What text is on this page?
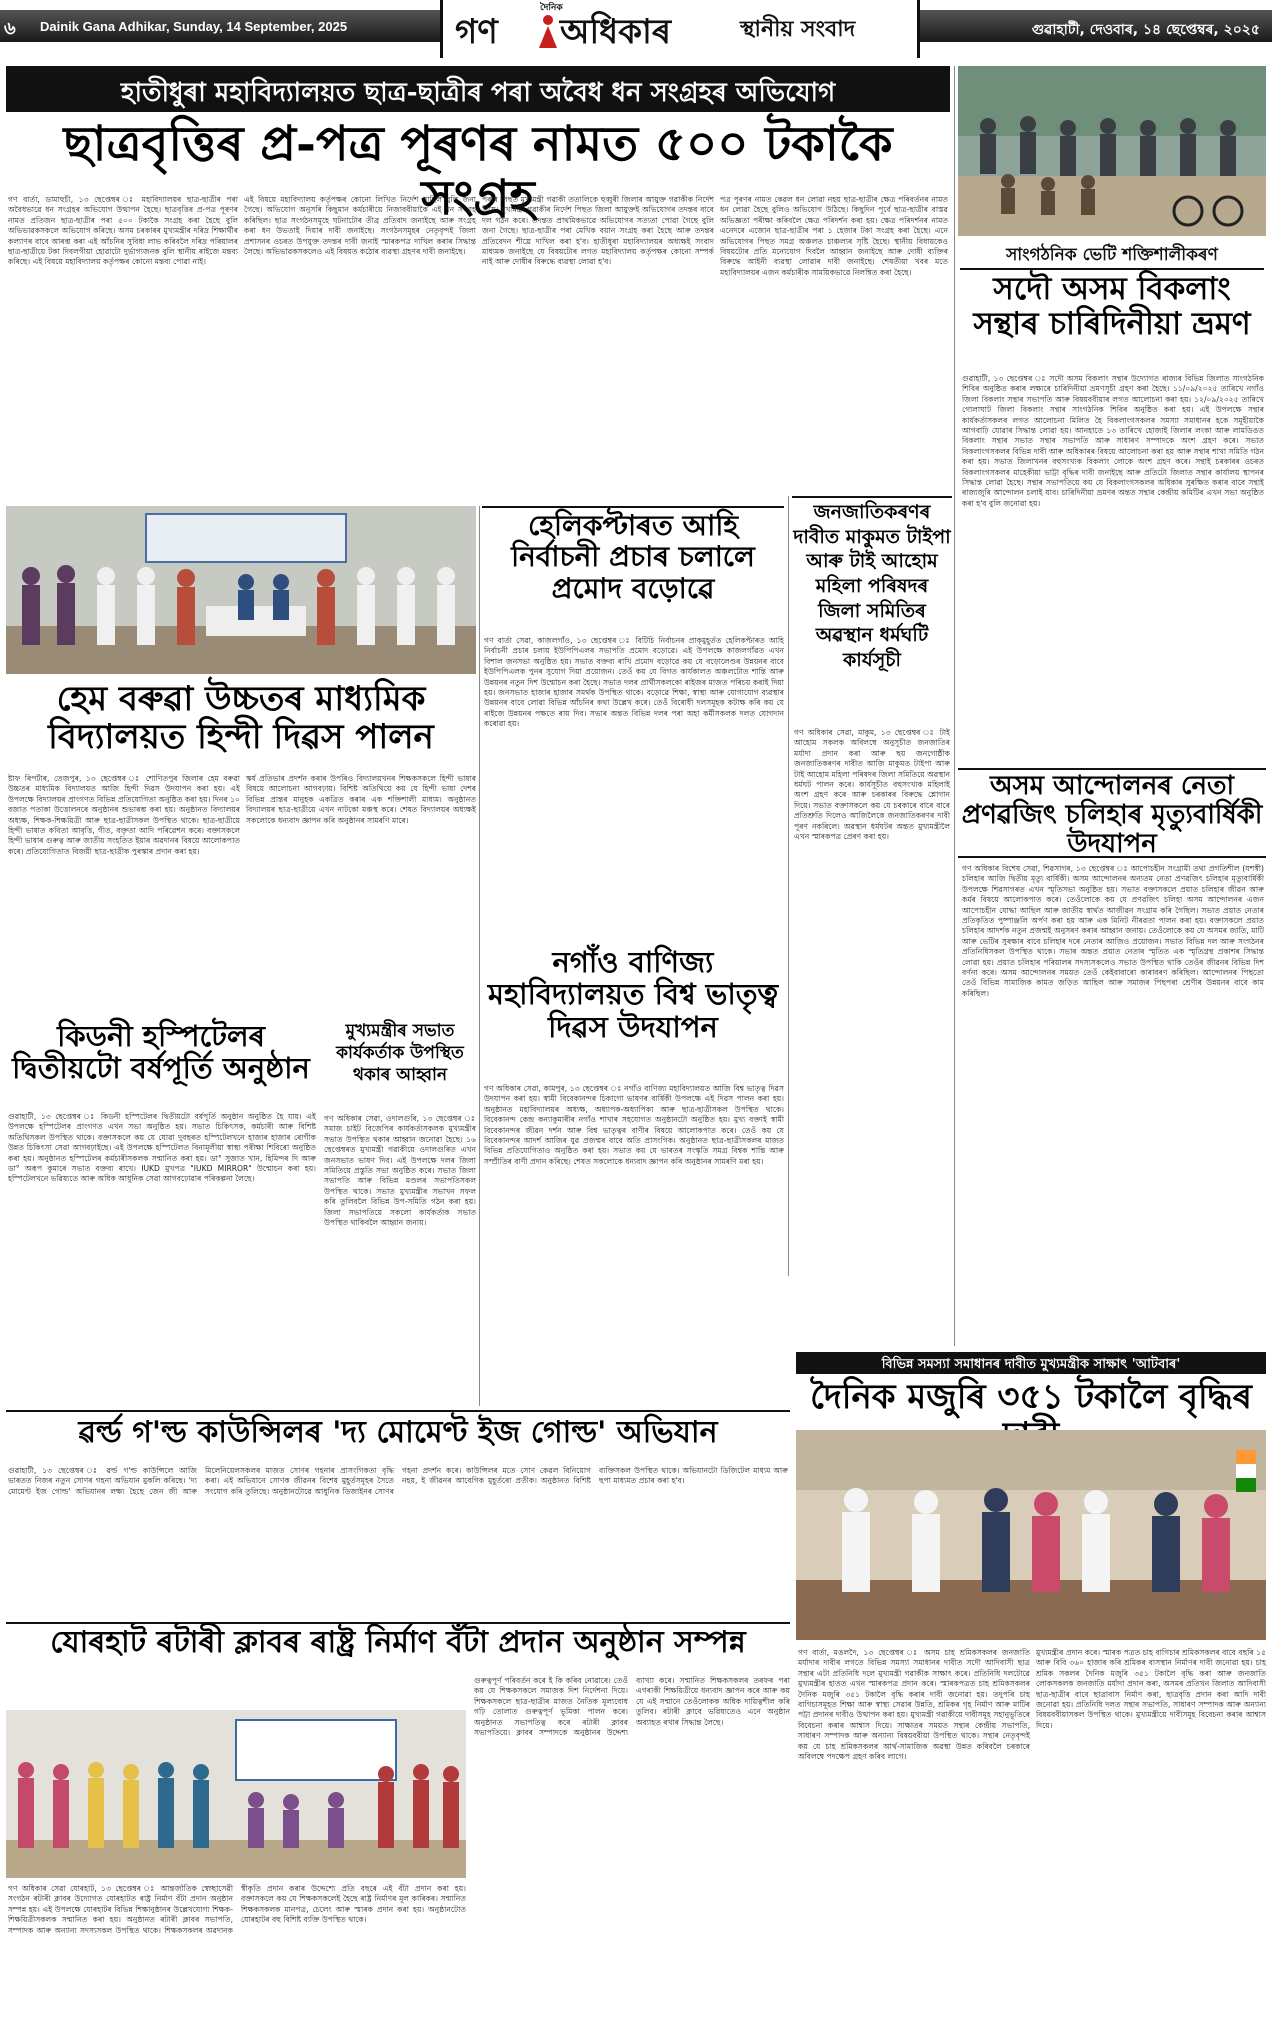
৬	Dainik Gana Adhikar, Sunday, 14 September, 2025
দৈনিক
গণ	অধিকাৰ	স্থানীয় সংবাদ	গুৱাহাটী, দেওবাৰ, ১৪ ছেপ্তেম্বৰ, ২০২৫
হাতীধুৰা মহাবিদ্যালয়ত ছাত্ৰ-ছাত্ৰীৰ পৰা অবৈধ ধন সংগ্ৰহৰ অভিযোগ
ছাত্ৰবৃত্তিৰ প্ৰ-পত্ৰ পূৰণৰ নামত ৫০০ টকাকৈ সংগ্ৰহ
গণ বাৰ্তা, ডামাহুচী, ১৩ ছেপ্তেম্বৰ ঃ মহাবিদ্যালয়ৰ ছাত্ৰ-ছাত্ৰীৰ পৰা অবৈধভাৱে ধন সংগ্ৰহৰ অভিযোগ উত্থাপন হৈছে। ছাত্ৰবৃত্তিৰ প্ৰ-পত্ৰ পূৰণৰ নামত প্ৰতিজন ছাত্ৰ-ছাত্ৰীৰ পৰা ৫০০ টকাকৈ সংগ্ৰহ কৰা হৈছে বুলি অভিভাৱকসকলে অভিযোগ কৰিছে। অসম চৰকাৰৰ মুখ্যমন্ত্ৰীৰ দৰিদ্ৰ শিক্ষাৰ্থীৰ কল্যাণৰ বাবে আৰম্ভ কৰা এই আঁচনিৰ সুবিধা লাভ কৰিবলৈ দৰিদ্ৰ পৰিয়ালৰ ছাত্ৰ-ছাত্ৰীয়ে টকা দিবলগীয়া হোৱাটো দুৰ্ভাগ্যজনক বুলি স্থানীয় ৰাইজে মন্তব্য কৰিছে। এই বিষয়ে মহাবিদ্যালয় কৰ্তৃপক্ষৰ কোনো মন্তব্য পোৱা নাই।
এই বিষয়ে মহাবিদ্যালয় কৰ্তৃপক্ষৰ কোনো লিখিত নিৰ্দেশ নাছিল বুলি জনা গৈছে। অভিযোগ অনুসৰি কিছুমান কৰ্মচাৰীয়ে নিজাববীয়াকৈ এই ধন সংগ্ৰহ কৰিছিল। ছাত্ৰ সংগঠনসমূহে ঘটনাটোৰ তীব্ৰ প্ৰতিবাদ জনাইছে আৰু সংগ্ৰহ কৰা ধন উভতাই দিয়াৰ দাবী জনাইছে। সংগঠনসমূহৰ নেতৃবৃন্দই জিলা প্ৰশাসনৰ ওচৰত উপযুক্ত তদন্তৰ দাবী জনাই স্মাৰকপত্ৰ দাখিল কৰাৰ সিদ্ধান্ত লৈছে। অভিভাৱকসকলেও এই বিষয়ত কঠোৰ ব্যৱস্থা গ্ৰহণৰ দাবী জনাইছে।
পৰাৰ পিছত মুখ্যমন্ত্ৰী গৱাকী ততালিকে হুব্বুৰী জিলাৰ আয়ুক্ত গৱাকীক নিৰ্দেশ দিয়ে। মুখ্যমন্ত্ৰী গৱাকীৰ নিৰ্দেশ পিছত জিলা আয়ুক্তই অভিযোগৰ তদন্তৰ বাবে দল গঠন কৰে। তদন্তত প্ৰাথমিকভাৱে অভিযোগৰ সত্যতা পোৱা গৈছে বুলি জনা গৈছে। ছাত্ৰ-ছাত্ৰীৰ পৰা মেখিক বয়ান সংগ্ৰহ কৰা হৈছে আৰু তদন্তৰ প্ৰতিবেদন শীঘ্ৰে দাখিল কৰা হ'ব। হাতীধুৰা মহাবিদ্যালয়ৰ অধ্যক্ষই সংবাদ মাধ্যমক জনাইছে যে বিষয়টোৰ লগত মহাবিদ্যালয় কৰ্তৃপক্ষৰ কোনো সম্পৰ্ক নাই আৰু দোষীৰ বিৰুদ্ধে ব্যৱস্থা লোৱা হ'ব।
পত্ৰ পূৰণৰ নামত কেৱল ধন লোৱা নহয় ছাত্ৰ-ছাত্ৰীৰ ক্ষেত্ৰ পৰিবৰ্তনৰ নামত ধন লোৱা হৈছে বুলিও অভিযোগ উঠিছে। কিছুদিন পূৰ্বে ছাত্ৰ-ছাত্ৰীৰ বাস্তৱ অভিজ্ঞতা পৰীক্ষা কৰিবলৈ ক্ষেত্ৰ পৰিদৰ্শন কৰা হয়। ক্ষেত্ৰ পৰিদৰ্শনৰ নামত এনেদৰে এজোন ছাত্ৰ-ছাত্ৰীৰ পৰা ১ হেজাৰ টকা সংগ্ৰহ কৰা হৈছে। এনে অভিযোগৰ পিছত সমগ্ৰ অঞ্চলত চাঞ্চল্যৰ সৃষ্টি হৈছে। স্থানীয় বিধায়কেও বিষয়টোৰ প্ৰতি মনোযোগ দিবলৈ আহ্বান জনাইছে আৰু দোষী ব্যক্তিৰ বিৰুদ্ধে আইনী ব্যৱস্থা লোৱাৰ দাবী জনাইছে। শেষতীয়া খবৰ মতে মহাবিদ্যালয়ৰ এজন কৰ্মচাৰীক সাময়িকভাৱে নিলম্বিত কৰা হৈছে।
সাংগঠনিক ভেটি শক্তিশালীকৰণ
সদৌ অসম বিকলাং সন্থাৰ চাৰিদিনীয়া ভ্ৰমণ
গুৱাহাটী, ১৩ ছেপ্তেম্বৰ ঃ সদৌ অসম বিকলাং সন্থাৰ উদ্যোগত ৰাজ্যৰ বিভিন্ন জিলাত সাংগঠনিক শিবিৰ অনুষ্ঠিত কৰাৰ লক্ষ্যৰে চাৰিদিনীয়া ভ্ৰমণসূচী গ্ৰহণ কৰা হৈছে। ১১/০৯/২০২৫ তাৰিখে নগাঁও জিলা বিকলাং সন্থাৰ সভাপতি আৰু বিষয়ববীয়াৰ লগত আলোচনা কৰা হয়। ১২/০৯/২০২৫ তাৰিখে গোলাঘাট জিলা বিকলাং সন্থাৰ সাংগঠনিক শিবিৰ অনুষ্ঠিত কৰা হয়। এই উপলক্ষে সন্থাৰ কাৰ্যকৰ্তাসকলৰ লগত আলোচনা মিলিত হৈ বিকলাংগসকলৰ সমস্যা সমাধানৰ হকে সমূহীয়াকৈ আগবাঢ়ি যোৱাৰ সিদ্ধান্ত লোৱা হয়। আনহাতে ১৩ তাৰিখে হোজাই জিলাৰ লংকা আৰু লামডিঙত বিকলাং সন্থাৰ সভাত সন্থাৰ সভাপতি আৰু সাধাৰণ সম্পাদকে অংশ গ্ৰহণ কৰে। সভাত বিকলাংগসকলৰ বিভিন্ন দাবী আৰু অধিকাৰৰ বিষয়ে আলোচনা কৰা হয় আৰু সন্থাৰ শাখা সমিতি গঠন কৰা হয়। সভাত জিলাখনৰ বহুসংখ্যক বিকলাং লোকে অংশ গ্ৰহণ কৰে। সন্থাই চৰকাৰৰ ওচৰত বিকলাংগসকলৰ মাহেকীয়া ভাট্টা বৃদ্ধিৰ দাবী জনাইছে আৰু প্ৰতিটো জিলাত সন্থাৰ কাৰ্যালয় স্থাপনৰ সিদ্ধান্ত লোৱা হৈছে। সন্থাৰ সভাপতিয়ে কয় যে বিকলাংগসকলৰ অধিকাৰ সুৰক্ষিত কৰাৰ বাবে সন্থাই ৰাজ্যজুৰি আন্দোলন চলাই যাব। চাৰিদিনীয়া ভ্ৰমণৰ অন্তত সন্থাৰ কেন্দ্ৰীয় কমিটিৰ এখন সভা অনুষ্ঠিত কৰা হ'ব বুলি জনোৱা হয়।
হেম বৰুৱা উচ্চতৰ মাধ্যমিক বিদ্যালয়ত হিন্দী দিৱস পালন
ষ্টাফ ৰিপৰ্টাৰ, তেজপুৰ, ১৩ ছেপ্তেম্বৰ ঃ শোণিতপুৰ জিলাৰ হেম বৰুৱা উচ্চতৰ মাধ্যমিক বিদ্যালয়ত আজি হিন্দী দিৱস উদযাপন কৰা হয়। এই উপলক্ষে বিদ্যালয়ৰ প্ৰাংগণত বিভিন্ন প্ৰতিযোগিতা অনুষ্ঠিত কৰা হয়। দিনৰ ১০ বজাত পতাকা উত্তোলনৰে অনুষ্ঠানৰ শুভাৰম্ভ কৰা হয়। অনুষ্ঠানত বিদ্যালয়ৰ অধ্যক্ষ, শিক্ষক-শিক্ষয়িত্ৰী আৰু ছাত্ৰ-ছাত্ৰীসকল উপস্থিত থাকে। ছাত্ৰ-ছাত্ৰীয়ে হিন্দী ভাষাত কবিতা আবৃত্তি, গীত, বক্তৃতা আদি পৰিৱেশন কৰে। বক্তাসকলে হিন্দী ভাষাৰ গুৰুত্ব আৰু জাতীয় সংহতিত ইয়াৰ অৱদানৰ বিষয়ে আলোকপাত কৰে। প্ৰতিযোগিতাত বিজয়ী ছাত্ৰ-ছাত্ৰীক পুৰস্কাৰ প্ৰদান কৰা হয়।
স্কৰ্ষ প্ৰতিভাৰ প্ৰদৰ্শন কৰাৰ উপৰিও বিদ্যালয়খনৰ শিক্ষকসকলে হিন্দী ভাষাৰ বিষয়ে আলোচনা আগবঢ়ায়। বিশিষ্ট অতিথিয়ে কয় যে হিন্দী ভাষা দেশৰ বিভিন্ন প্ৰান্তৰ মানুহক একত্ৰিত কৰাৰ এক শক্তিশালী মাধ্যম। অনুষ্ঠানত বিদ্যালয়ৰ ছাত্ৰ-ছাত্ৰীয়ে এখন নাটকো মঞ্চস্থ কৰে। শেষত বিদ্যালয়ৰ অধ্যক্ষই সকলোকে ধন্যবাদ জ্ঞাপন কৰি অনুষ্ঠানৰ সামৰণি মাৰে।
হেলিকপ্টাৰত আহি নিৰ্বাচনী প্ৰচাৰ চলালে প্ৰমোদ বড়োৱে
গণ বাৰ্তা সেৱা, কাজলগাঁও, ১৩ ছেপ্তেম্বৰ ঃ বিটিচি নিৰ্বাচনৰ প্ৰাক্‌মুহূৰ্তত হেলিকপ্টাৰত আহি নিৰ্বাচনী প্ৰচাৰ চলায় ইউপিপিএলৰ সভাপতি প্ৰমোদ বড়োৱে। এই উপলক্ষে কাজলগাঁৱত এখন বিশাল জনসভা অনুষ্ঠিত হয়। সভাত বক্তব্য ৰাখি প্ৰমোদ বড়োৱে কয় যে বড়োলেণ্ডৰ উন্নয়নৰ বাবে ইউপিপিএলক পুনৰ সুযোগ দিয়া প্ৰয়োজন। তেওঁ কয় যে বিগত কাৰ্যকালত অঞ্চলটোত শান্তি আৰু উন্নয়নৰ নতুন দিশ উন্মোচন কৰা হৈছে। সভাত দলৰ প্ৰাৰ্থীসকলকো ৰাইজৰ মাজত পৰিচয় কৰাই দিয়া হয়। জনসভাত হাজাৰ হাজাৰ সমৰ্থক উপস্থিত থাকে। বড়োৱে শিক্ষা, স্বাস্থ্য আৰু যোগাযোগ ব্যৱস্থাৰ উন্নয়নৰ বাবে লোৱা বিভিন্ন আঁচনিৰ কথা উল্লেখ কৰে। তেওঁ বিৰোধী দলসমূহক কটাক্ষ কৰি কয় যে ৰাইজে উন্নয়নৰ পক্ষতে ৰায় দিব। সভাৰ অন্তত বিভিন্ন দলৰ পৰা অহা কৰ্মীসকলক দলত যোগদান কৰোৱা হয়।
জনজাতিকৰণৰ দাবীত মাকুমত টাইপা আৰু টাই আহোম মহিলা পৰিষদৰ জিলা সমিতিৰ অৱস্থান ধৰ্মঘটি কাৰ্যসূচী
গণ অধিকাৰ সেৱা, মাকুম, ১৩ ছেপ্তেম্বৰ ঃ টাই আহোম সকলক অবিলম্বে অনুসূচীত জনজাতিৰ মৰ্যাদা প্ৰদান কৰা আৰু ছয় জনগোষ্ঠীক জনজাতিকৰণৰ দাবীত আজি মাকুমত টাইপা আৰু টাই আহোম মহিলা পৰিষদৰ জিলা সমিতিয়ে অৱস্থান ধৰ্মঘট পালন কৰে। কাৰ্যসূচীত বহুসংখ্যক মহিলাই অংশ গ্ৰহণ কৰে আৰু চৰকাৰৰ বিৰুদ্ধে শ্লোগান দিয়ে। সভাত বক্তাসকলে কয় যে চৰকাৰে বাৰে বাৰে প্ৰতিশ্ৰুতি দিলেও আজিলৈকে জনজাতিকৰণৰ দাবী পূৰণ নকৰিলে। অৱস্থান ধৰ্মঘটৰ অন্তত মুখ্যমন্ত্ৰীলৈ এখন স্মাৰকপত্ৰ প্ৰেৰণ কৰা হয়।
অসম আন্দোলনৰ নেতা প্ৰণৱজিৎ চলিহাৰ মৃত্যুবাৰ্ষিকী উদযাপন
গণ অধিকাৰ বিশেষ সেৱা, শিৱসাগৰ, ১৩ ছেপ্তেম্বৰ ঃ আপোচহীন সংগ্ৰামী তথা প্ৰগতিশীল (যশস্বী) চলিহাৰ আজি দ্বিতীয় মৃত্যু বাৰ্ষিকী। অসম আন্দোলনৰ অন্যতম নেতা প্ৰণৱজিৎ চলিহাৰ মৃত্যুবাৰ্ষিকী উপলক্ষে শিৱসাগৰত এখন স্মৃতিসভা অনুষ্ঠিত হয়। সভাত বক্তাসকলে প্ৰয়াত চলিহাৰ জীৱন আৰু কৰ্মৰ বিষয়ে আলোকপাত কৰে। তেওঁলোকে কয় যে প্ৰণৱজিৎ চলিহা অসম আন্দোলনৰ এজন আপোচহীন যোদ্ধা আছিল আৰু জাতীয় স্বাৰ্থত আজীৱন সংগ্ৰাম কৰি গৈছিল। সভাত প্ৰয়াত নেতাৰ প্ৰতিকৃতিত পুষ্পাঞ্জলি অৰ্পণ কৰা হয় আৰু এক মিনিট নীৰৱতা পালন কৰা হয়। বক্তাসকলে প্ৰয়াত চলিহাৰ আদৰ্শক নতুন প্ৰজন্মই অনুসৰণ কৰাৰ আহ্বান জনায়। তেওঁলোকে কয় যে অসমৰ জাতি, মাটি আৰু ভেটিৰ সুৰক্ষাৰ বাবে চলিহাৰ দৰে নেতাৰ আজিও প্ৰয়োজন। সভাত বিভিন্ন দল আৰু সংগঠনৰ প্ৰতিনিধিসকল উপস্থিত থাকে। সভাৰ অন্তত প্ৰয়াত নেতাৰ স্মৃতিত এক স্মৃতিগ্ৰন্থ প্ৰকাশৰ সিদ্ধান্ত লোৱা হয়। প্ৰয়াত চলিহাৰ পৰিয়ালৰ সদস্যসকলেও সভাত উপস্থিত থাকি তেওঁৰ জীৱনৰ বিভিন্ন দিশ বৰ্ণনা কৰে। অসম আন্দোলনৰ সময়ত তেওঁ কেইবাবাৰো কাৰাবৰণ কৰিছিল। আন্দোলনৰ পিছতো তেওঁ বিভিন্ন সামাজিক কামত জড়িত আছিল আৰু সমাজৰ পিছপৰা শ্ৰেণীৰ উন্নয়নৰ বাবে কাম কৰিছিল।
কিডনী হস্পিটেলৰ দ্বিতীয়টো বৰ্ষপূৰ্তি অনুষ্ঠান
গুৱাহাটী, ১৩ ছেপ্তেম্বৰ ঃ কিডনী হস্পিটেলৰ দ্বিতীয়টো বৰ্ষপূৰ্তি অনুষ্ঠান অনুষ্ঠিত হৈ যায়। এই উপলক্ষে হস্পিটেলৰ প্ৰাংগণত এখন সভা অনুষ্ঠিত হয়। সভাত চিকিৎসক, কৰ্মচাৰী আৰু বিশিষ্ট অতিথিসকল উপস্থিত থাকে। বক্তাসকলে কয় যে যোৱা দুবছৰত হস্পিটেলখনে হাজাৰ হাজাৰ ৰোগীক উন্নত চিকিৎসা সেৱা আগবঢ়াইছে। এই উপলক্ষে হস্পিটেলত বিনামূলীয়া স্বাস্থ্য পৰীক্ষা শিবিৰো অনুষ্ঠিত কৰা হয়। অনুষ্ঠানত হস্পিটেলৰ কৰ্মচাৰীসকলক সন্মানিত কৰা হয়। ডা° সুজাত খান, হিমিন্দৰ দি আৰু ডা° অৰূপ কুমাৰে সভাত বক্তব্য ৰাখে। IUKD মুখপত্ৰ "IUKD MIRROR" উন্মোচন কৰা হয়। হস্পিটেলখনে ভৱিষ্যতে আৰু অধিক আধুনিক সেৱা আগবঢ়োৱাৰ পৰিকল্পনা লৈছে।
মুখ্যমন্ত্ৰীৰ সভাত কাৰ্যকৰ্তাক উপস্থিত থকাৰ আহ্বান
গণ অধিকাৰ সেৱা, ওদালগুৰি, ১৩ ছেপ্তেম্বৰ ঃ সমাজ চাইট বিজেপিৰ কাৰ্যকৰ্তাসকলক মুখ্যমন্ত্ৰীৰ সভাত উপস্থিত থকাৰ আহ্বান জনোৱা হৈছে। ১৬ ছেপ্তেম্বৰত মুখ্যমন্ত্ৰী গৱাকীয়ে ওদালগুৰিত এখন জনসভাত ভাষণ দিব। এই উপলক্ষে দলৰ জিলা সমিতিয়ে প্ৰস্তুতি সভা অনুষ্ঠিত কৰে। সভাত জিলা সভাপতি আৰু বিভিন্ন মণ্ডলৰ সভাপতিসকল উপস্থিত থাকে। সভাত মুখ্যমন্ত্ৰীৰ সভাখন সফল কৰি তুলিবলৈ বিভিন্ন উপ-সমিতি গঠন কৰা হয়। জিলা সভাপতিয়ে সকলো কাৰ্যকৰ্তাক সভাত উপস্থিত থাকিবলৈ আহ্বান জনায়।
নগাঁও বাণিজ্য মহাবিদ্যালয়ত বিশ্ব ভাতৃত্ব দিৱস উদযাপন
গণ অধিকাৰ সেৱা, কামপুৰ, ১৩ ছেপ্তেম্বৰ ঃ নগাঁও বাণিজ্য মহাবিদ্যালয়ত আজি বিশ্ব ভাতৃত্ব দিৱস উদযাপন কৰা হয়। স্বামী বিবেকানন্দৰ চিকাগো ভাষণৰ বাৰ্ষিকী উপলক্ষে এই দিৱস পালন কৰা হয়। অনুষ্ঠানত মহাবিদ্যালয়ৰ অধ্যক্ষ, অধ্যাপক-অধ্যাপিকা আৰু ছাত্ৰ-ছাত্ৰীসকল উপস্থিত থাকে। বিবেকানন্দ কেন্দ্ৰ কন্যাকুমাৰীৰ নগাঁও শাখাৰ সহযোগত অনুষ্ঠানটো অনুষ্ঠিত হয়। মুখ্য বক্তাই স্বামী বিবেকানন্দৰ জীৱন দৰ্শন আৰু বিশ্ব ভাতৃত্বৰ বাণীৰ বিষয়ে আলোকপাত কৰে। তেওঁ কয় যে বিবেকানন্দৰ আদৰ্শ আজিৰ যুৱ প্ৰজন্মৰ বাবে অতি প্ৰাসংগিক। অনুষ্ঠানত ছাত্ৰ-ছাত্ৰীসকলৰ মাজত বিভিন্ন প্ৰতিযোগিতাও অনুষ্ঠিত কৰা হয়। সভাত কয় যে ভাৰতৰ সংস্কৃতি সমগ্ৰ বিশ্বক শান্তি আৰু সম্প্ৰীতিৰ বাণী প্ৰদান কৰিছে। শেষত সকলোকে ধন্যবাদ জ্ঞাপন কৰি অনুষ্ঠানৰ সামৰণি মৰা হয়।
বিভিন্ন সমস্যা সমাধানৰ দাবীত মুখ্যমন্ত্ৰীক সাক্ষাৎ 'আটবাৰ'
দৈনিক মজুৰি ৩৫১ টকালৈ বৃদ্ধিৰ
গণ বাৰ্তা, মঙলদৈ, ১৩ ছেপ্তেম্বৰ ঃ অসম চাহ শ্ৰমিকসকলৰ জনজাতি মৰ্যাদাৰ দাবীৰ লগতে বিভিন্ন সমস্যা সমাধানৰ দাবীত সদৌ আদিবাসী ছাত্ৰ সন্থাৰ এটা প্ৰতিনিধি দলে মুখ্যমন্ত্ৰী গৱাকীক সাক্ষাৎ কৰে। প্ৰতিনিধি দলটোৱে মুখ্যমন্ত্ৰীৰ হাতত এখন স্মাৰকপত্ৰ প্ৰদান কৰে। স্মাৰকপত্ৰত চাহ শ্ৰমিকসকলৰ দৈনিক মজুৰি ৩৫১ টকালৈ বৃদ্ধি কৰাৰ দাবী জনোৱা হয়। তদুপৰি চাহ বাগিচাসমূহত শিক্ষা আৰু স্বাস্থ্য সেৱাৰ উন্নতি, শ্ৰমিকৰ গৃহ নিৰ্মাণ আৰু মাটিৰ পট্টা প্ৰদানৰ দাবীও উত্থাপন কৰা হয়। মুখ্যমন্ত্ৰী গৱাকীয়ে দাবীসমূহ সহানুভূতিৰে বিবেচনা কৰাৰ আশ্বাস দিয়ে। সাক্ষাতৰ সময়ত সন্থাৰ কেন্দ্ৰীয় সভাপতি, সাধাৰণ সম্পাদক আৰু অন্যান্য বিষয়ববীয়া উপস্থিত থাকে। সন্থাৰ নেতৃবৃন্দই কয় যে চাহ শ্ৰমিকসকলৰ আৰ্থ-সামাজিক অৱস্থা উন্নত কৰিবলৈ চৰকাৰে অবিলম্বে পদক্ষেপ গ্ৰহণ কৰিব লাগে।
মুখ্যমন্ত্ৰীৰ প্ৰদান কৰে। স্মাৰক পত্ৰত চাহ বাগিচাৰ শ্ৰমিকসকলৰ বাবে বছৰি ১৫ আৰু বিবি ৩৬০ হাজাৰ কৰি শ্ৰমিকৰ বাসস্থান নিৰ্মাণৰ দাবী জনোৱা হয়। চাহ শ্ৰমিক সকলৰ দৈনিক মজুৰি ৩৫১ টকালৈ বৃদ্ধি কৰা আৰু জনজাতি লোকসকলক জনজাতি মৰ্যাদা প্ৰদান কৰা, অসমৰ প্ৰতিখন জিলাত আদিবাসী ছাত্ৰ-ছাত্ৰীৰ বাবে ছাত্ৰাবাস নিৰ্মাণ কৰা, ছাত্ৰবৃত্তি প্ৰদান কৰা আদি দাবী জনোৱা হয়। প্ৰতিনিধি দলত সন্থাৰ সভাপতি, সাধাৰণ সম্পাদক আৰু অন্যান্য বিষয়ববীয়াসকল উপস্থিত থাকে। মুখ্যমন্ত্ৰীয়ে দাবীসমূহ বিবেচনা কৰাৰ আশ্বাস দিয়ে।
ৱৰ্ল্ড গ'ল্ড কাউন্সিলৰ 'দ্য মোমেণ্ট ইজ গোল্ড' অভিযান
গুৱাহাটী, ১৩ ছেপ্তেম্বৰ ঃ ৱৰ্ল্ড গ'ল্ড কাউন্সিলে আজি ভাৰতত নিজৰ নতুন সোণৰ গহনা অভিযান মুকলি কৰিছে। 'দ্য মোমেণ্ট ইজ গোল্ড' অভিযানৰ লক্ষ্য হৈছে জেন জী আৰু মিলেনিয়েলসকলৰ মাজত সোণৰ গহনাৰ প্ৰাসংগিকতা বৃদ্ধি কৰা। এই অভিযানে সোণক জীৱনৰ বিশেষ মুহূৰ্তসমূহৰ সৈতে সংযোগ কৰি তুলিছে। অনুষ্ঠানটোৱে আধুনিক ডিজাইনৰ সোণৰ গহনা প্ৰদৰ্শন কৰে। কাউন্সিলৰ মতে সোণ কেৱল বিনিয়োগ নহয়, ই জীৱনৰ আবেগিক মুহূৰ্তৰো প্ৰতীক। অনুষ্ঠানত বিশিষ্ট ব্যক্তিসকল উপস্থিত থাকে। অভিযানটো ডিজিটেল মাধ্যম আৰু ছপা মাধ্যমত প্ৰচাৰ কৰা হ'ব।
যোৰহাট ৰটাৰী ক্লাবৰ ৰাষ্ট্ৰ নিৰ্মাণ বঁটা প্ৰদান অনুষ্ঠান সম্পন্ন
গণ অধিকাৰ সেৱা যোৰহাট, ১৩ ছেপ্তেম্বৰ ঃ আন্তৰ্জাতিক স্বেচ্ছাসেৱী সংগঠন ৰটাৰী ক্লাবৰ উদ্যোগত যোৰহাটত ৰাষ্ট্ৰ নিৰ্মাণ বঁটা প্ৰদান অনুষ্ঠান সম্পন্ন হয়। এই উপলক্ষে যোৰহাটৰ বিভিন্ন শিক্ষানুষ্ঠানৰ উল্লেখযোগ্য শিক্ষক-শিক্ষয়িত্ৰীসকলক সন্মানিত কৰা হয়। অনুষ্ঠানত ৰটাৰী ক্লাবৰ সভাপতি, সম্পাদক আৰু অন্যান্য সদস্যসকল উপস্থিত থাকে। শিক্ষকসকলৰ অৱদানক স্বীকৃতি প্ৰদান কৰাৰ উদ্দেশ্যে প্ৰতি বছৰে এই বঁটা প্ৰদান কৰা হয়। বক্তাসকলে কয় যে শিক্ষকসকলেই হৈছে ৰাষ্ট্ৰ নিৰ্মাণৰ মূল কাৰিকৰ। সন্মানিত শিক্ষকসকলক মানপত্ৰ, চেলেং আৰু স্মাৰক প্ৰদান কৰা হয়। অনুষ্ঠানটোত যোৰহাটৰ বহু বিশিষ্ট ব্যক্তি উপস্থিত থাকে।
গুৰুত্বপূৰ্ণ পৰিবৰ্তন কৰে ই কি কৰিব নোৱাৰে। তেওঁ কয় যে শিক্ষকসকলে সমাজক দিশ নিৰ্দেশনা দিয়ে। শিক্ষকসকলে ছাত্ৰ-ছাত্ৰীৰ মাজত নৈতিক মূল্যবোধ গঢ়ি তোলাত গুৰুত্বপূৰ্ণ ভূমিকা পালন কৰে। অনুষ্ঠানত সভাপতিত্ব কৰে ৰটাৰী ক্লাবৰ সভাপতিয়ে। ক্লাবৰ সম্পাদকে অনুষ্ঠানৰ উদ্দেশ্য ব্যাখ্যা কৰে। সন্মানিত শিক্ষকসকলৰ তৰফৰ পৰা এগৰাকী শিক্ষয়িত্ৰীয়ে ধন্যবাদ জ্ঞাপন কৰে আৰু কয় যে এই সন্মানে তেওঁলোকক অধিক দায়িত্বশীল কৰি তুলিব। ৰটাৰী ক্লাবে ভৱিষ্যতেও এনে অনুষ্ঠান অব্যাহত ৰখাৰ সিদ্ধান্ত লৈছে।
